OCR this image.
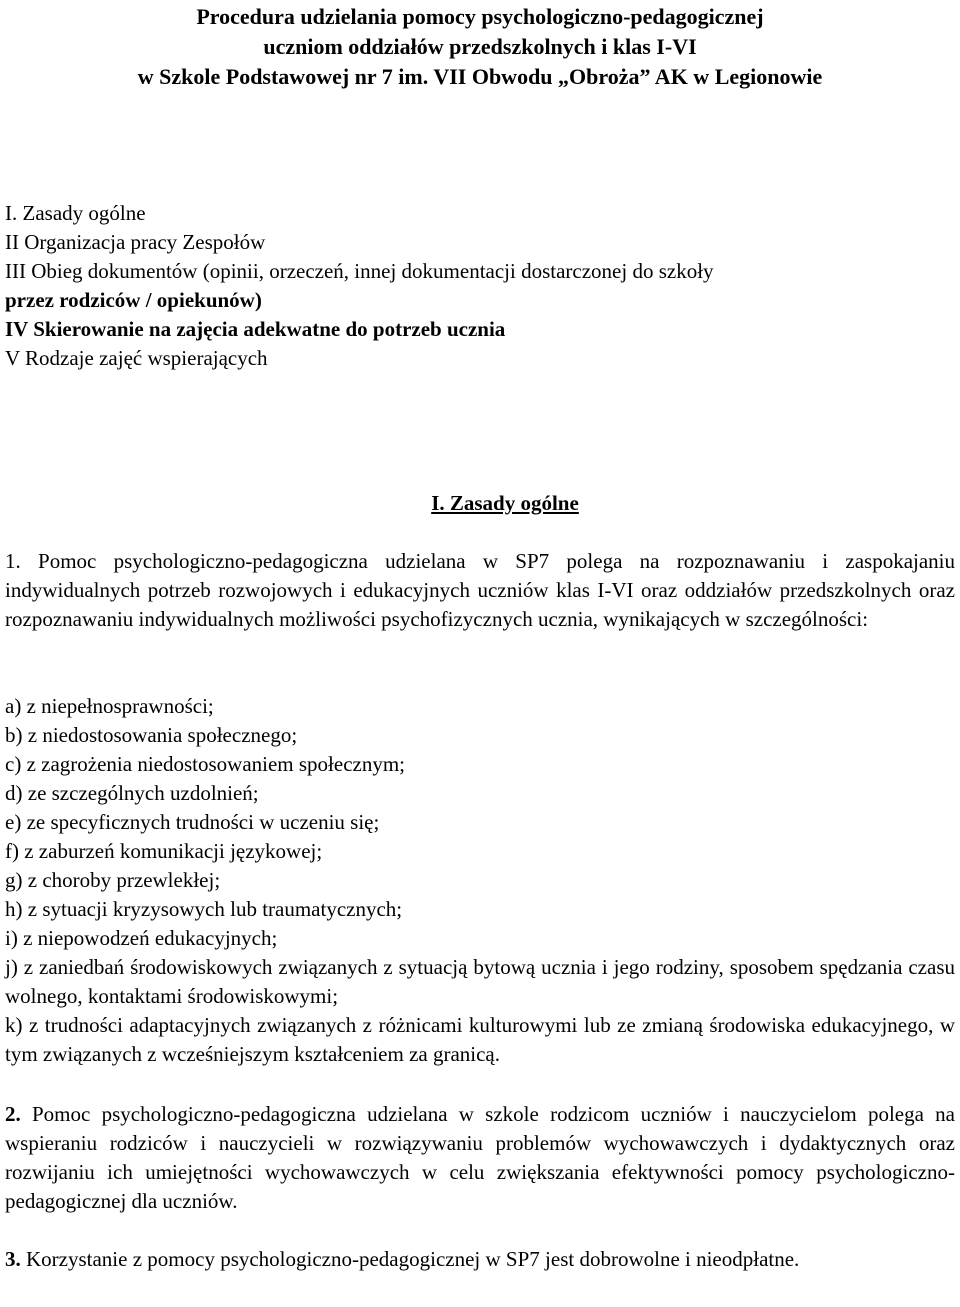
Procedura udzielania pomocy psychologiczno-pedagogicznej
uczniom oddziałów przedszkolnych i klas I-VI
w Szkole Podstawowej nr 7 im. VII Obwodu „Obroża” AK w Legionowie
I. Zasady ogólne
II Organizacja pracy Zespołów
III Obieg dokumentów (opinii, orzeczeń, innej dokumentacji dostarczonej do szkoły
przez rodziców / opiekunów)
IV Skierowanie na zajęcia adekwatne do potrzeb ucznia
V Rodzaje zajęć wspierających
I. Zasady ogólne

1. Pomoc psychologiczno-pedagogiczna udzielana w SP7 polega na rozpoznawaniu i zaspokajaniu indywidualnych potrzeb rozwojowych i edukacyjnych uczniów klas I-VI oraz oddziałów przedszkolnych oraz rozpoznawaniu indywidualnych możliwości psychofizycznych ucznia, wynikających w szczególności:

a) z niepełnosprawności;

b) z niedostosowania społecznego;

c) z zagrożenia niedostosowaniem społecznym;

d) ze szczególnych uzdolnień;

e) ze specyficznych trudności w uczeniu się;

f) z zaburzeń komunikacji językowej;

g) z choroby przewlekłej;

h) z sytuacji kryzysowych lub traumatycznych;

i) z niepowodzeń edukacyjnych;

j) z zaniedbań środowiskowych związanych z sytuacją bytową ucznia i jego rodziny, sposobem spędzania czasu wolnego, kontaktami środowiskowymi;

k) z trudności adaptacyjnych związanych z różnicami kulturowymi lub ze zmianą środowiska edukacyjnego, w tym związanych z wcześniejszym kształceniem za granicą.

2. Pomoc psychologiczno-pedagogiczna udzielana w szkole rodzicom uczniów i nauczycielom polega na wspieraniu rodziców i nauczycieli w rozwiązywaniu problemów wychowawczych i dydaktycznych oraz rozwijaniu ich umiejętności wychowawczych w celu zwiększania efektywności pomocy psychologiczno-pedagogicznej dla uczniów.

3. Korzystanie z pomocy psychologiczno-pedagogicznej w SP7 jest dobrowolne i nieodpłatne.
